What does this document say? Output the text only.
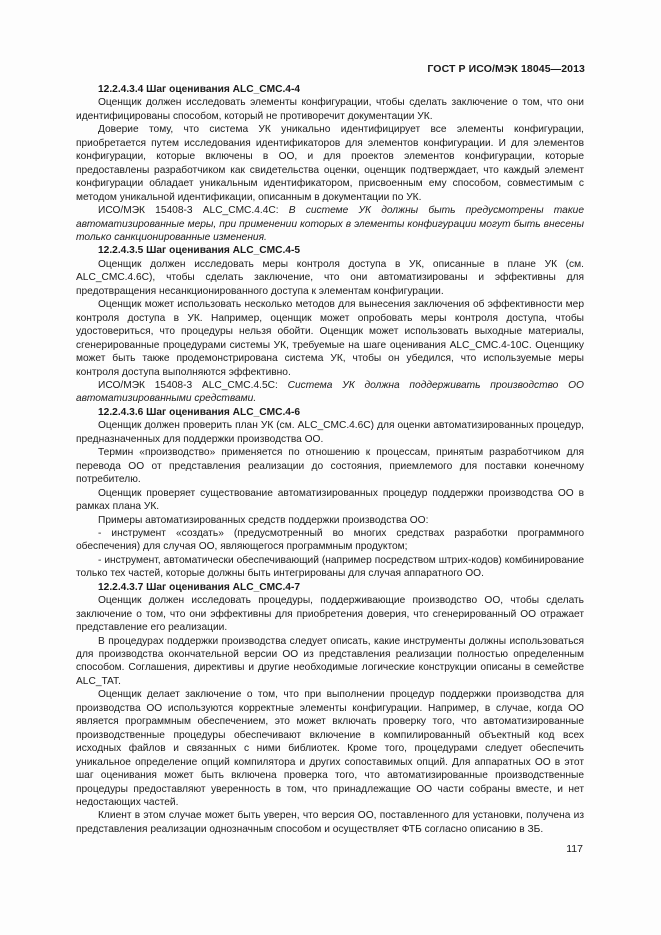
ГОСТ Р ИСО/МЭК 18045—2013

12.2.4.3.4 Шаг оценивания ALC_CMC.4-4

Оценщик должен исследовать элементы конфигурации, чтобы сделать заключение о том, что они идентифицированы способом, который не противоречит документации УК.

Доверие тому, что система УК уникально идентифицирует все элементы конфигурации, приобретается путем исследования идентификаторов для элементов конфигурации. И для элементов конфигурации, которые включены в ОО, и для проектов элементов конфигурации, которые предоставлены разработчиком как свидетельства оценки, оценщик подтверждает, что каждый элемент конфигурации обладает уникальным идентификатором, присвоенным ему способом, совместимым с методом уникальной идентификации, описанным в документации по УК.

ИСО/МЭК 15408-3 ALC_CMC.4.4C: В системе УК должны быть предусмотрены такие автоматизированные меры, при применении которых в элементы конфигурации могут быть внесены только санкционированные изменения.

12.2.4.3.5 Шаг оценивания ALC_CMC.4-5

Оценщик должен исследовать меры контроля доступа в УК, описанные в плане УК (см. ALC_CMC.4.6C), чтобы сделать заключение, что они автоматизированы и эффективны для предотвращения несанкционированного доступа к элементам конфигурации.

Оценщик может использовать несколько методов для вынесения заключения об эффективности мер контроля доступа в УК. Например, оценщик может опробовать меры контроля доступа, чтобы удостовериться, что процедуры нельзя обойти. Оценщик может использовать выходные материалы, сгенерированные процедурами системы УК, требуемые на шаге оценивания ALC_CMC.4-10C. Оценщику может быть также продемонстрирована система УК, чтобы он убедился, что используемые меры контроля доступа выполняются эффективно.

ИСО/МЭК 15408-3 ALC_CMC.4.5C: Система УК должна поддерживать производство ОО автоматизированными средствами.

12.2.4.3.6 Шаг оценивания ALC_CMC.4-6

Оценщик должен проверить план УК (см. ALC_CMC.4.6C) для оценки автоматизированных процедур, предназначенных для поддержки производства ОО.

Термин «производство» применяется по отношению к процессам, принятым разработчиком для перевода ОО от представления реализации до состояния, приемлемого для поставки конечному потребителю.

Оценщик проверяет существование автоматизированных процедур поддержки производства ОО в рамках плана УК.

Примеры автоматизированных средств поддержки производства ОО:

- инструмент «создать» (предусмотренный во многих средствах разработки программного обеспечения) для случая ОО, являющегося программным продуктом;

- инструмент, автоматически обеспечивающий (например посредством штрих-кодов) комбинирование только тех частей, которые должны быть интегрированы для случая аппаратного ОО.

12.2.4.3.7 Шаг оценивания ALC_CMC.4-7

Оценщик должен исследовать процедуры, поддерживающие производство ОО, чтобы сделать заключение о том, что они эффективны для приобретения доверия, что сгенерированный ОО отражает представление его реализации.

В процедурах поддержки производства следует описать, какие инструменты должны использоваться для производства окончательной версии ОО из представления реализации полностью определенным способом. Соглашения, директивы и другие необходимые логические конструкции описаны в семействе ALC_TAT.

Оценщик делает заключение о том, что при выполнении процедур поддержки производства для производства ОО используются корректные элементы конфигурации. Например, в случае, когда ОО является программным обеспечением, это может включать проверку того, что автоматизированные производственные процедуры обеспечивают включение в компилированный объектный код всех исходных файлов и связанных с ними библиотек. Кроме того, процедурами следует обеспечить уникальное определение опций компилятора и других сопоставимых опций. Для аппаратных ОО в этот шаг оценивания может быть включена проверка того, что автоматизированные производственные процедуры предоставляют уверенность в том, что принадлежащие ОО части собраны вместе, и нет недостающих частей.

Клиент в этом случае может быть уверен, что версия ОО, поставленного для установки, получена из представления реализации однозначным способом и осуществляет ФТБ согласно описанию в ЗБ.

117
